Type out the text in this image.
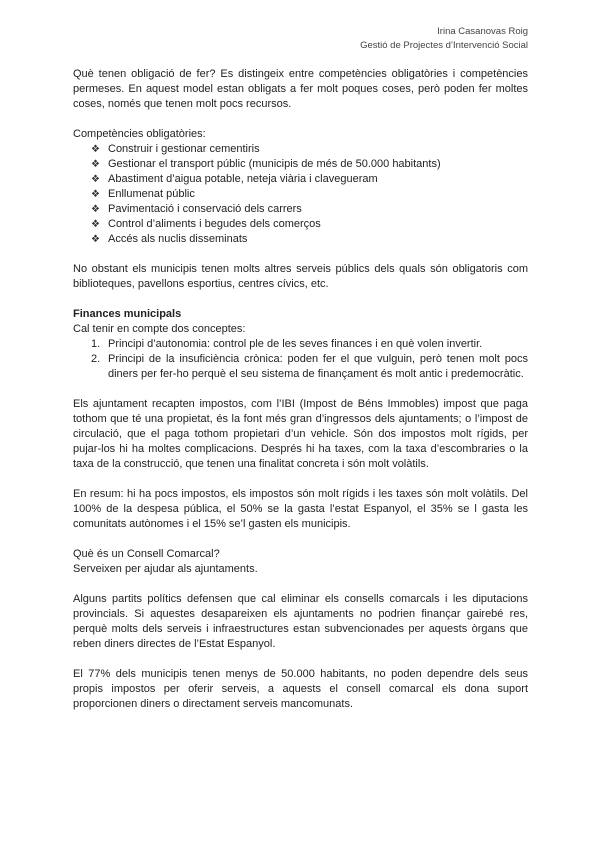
Irina Casanovas Roig
Gestió de Projectes d’Intervenció Social

Què tenen obligació de fer? Es distingeix entre competències obligatòries i competències permeses. En aquest model estan obligats a fer molt poques coses, però poden fer moltes coses, només que tenen molt pocs recursos.

Competències obligatòries:

❖ Construir i gestionar cementiris
❖ Gestionar el transport públic (municipis de més de 50.000 habitants)
❖ Abastiment d’aigua potable, neteja viària i clavegueram
❖ Enllumenat públic
❖ Pavimentació i conservació dels carrers
❖ Control d’aliments i begudes dels comerços
❖ Accés als nuclis disseminats

No obstant els municipis tenen molts altres serveis públics dels quals són obligatoris com biblioteques, pavellons esportius, centres cívics, etc.

Finances municipals

Cal tenir en compte dos conceptes:

1. Principi d’autonomia: control ple de les seves finances i en què volen invertir.
2. Principi de la insuficiència crònica: poden fer el que vulguin, però tenen molt pocs diners per fer-ho perquè el seu sistema de finançament és molt antic i predemocràtic.

Els ajuntament recapten impostos, com l’IBI (Impost de Béns Immobles) impost que paga tothom que té una propietat, és la font més gran d’ingressos dels ajuntaments; o l’impost de circulació, que el paga tothom propietari d’un vehicle. Són dos impostos molt rígids, per pujar-los hi ha moltes complicacions. Després hi ha taxes, com la taxa d’escombraries o la taxa de la construcció, que tenen una finalitat concreta i són molt volàtils.

En resum: hi ha pocs impostos, els impostos són molt rígids i les taxes són molt volàtils. Del 100% de la despesa pública, el 50% se la gasta l’estat Espanyol, el 35% se l gasta les comunitats autònomes i el 15% se’l gasten els municipis.

Què és un Consell Comarcal?

Serveixen per ajudar als ajuntaments.

Alguns partits polítics defensen que cal eliminar els consells comarcals i les diputacions provincials. Si aquestes desapareixen els ajuntaments no podrien finançar gairebé res, perquè molts dels serveis i infraestructures estan subvencionades per aquests òrgans que reben diners directes de l’Estat Espanyol.

El 77% dels municipis tenen menys de 50.000 habitants, no poden dependre dels seus propis impostos per oferir serveis, a aquests el consell comarcal els dona suport proporcionen diners o directament serveis mancomunats.
